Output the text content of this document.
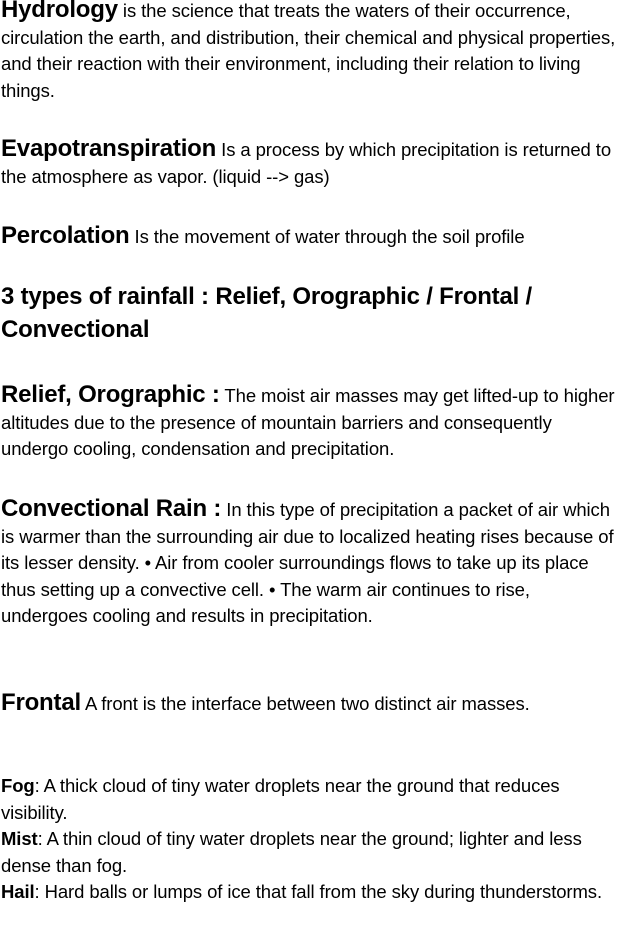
Hydrology is the science that treats the waters of their occurrence, circulation the earth, and distribution, their chemical and physical properties, and their reaction with their environment, including their relation to living things.

Evapotranspiration Is a process by which precipitation is returned to the atmosphere as vapor. (liquid --> gas)

Percolation Is the movement of water through the soil profile

3 types of rainfall : Relief, Orographic / Frontal / Convectional

Relief, Orographic : The moist air masses may get lifted-up to higher altitudes due to the presence of mountain barriers and consequently undergo cooling, condensation and precipitation.

Convectional Rain : In this type of precipitation a packet of air which is warmer than the surrounding air due to localized heating rises because of its lesser density. • Air from cooler surroundings flows to take up its place thus setting up a convective cell. • The warm air continues to rise, undergoes cooling and results in precipitation.

Frontal A front is the interface between two distinct air masses.

Fog: A thick cloud of tiny water droplets near the ground that reduces visibility.

Mist: A thin cloud of tiny water droplets near the ground; lighter and less dense than fog.

Hail: Hard balls or lumps of ice that fall from the sky during thunderstorms.
